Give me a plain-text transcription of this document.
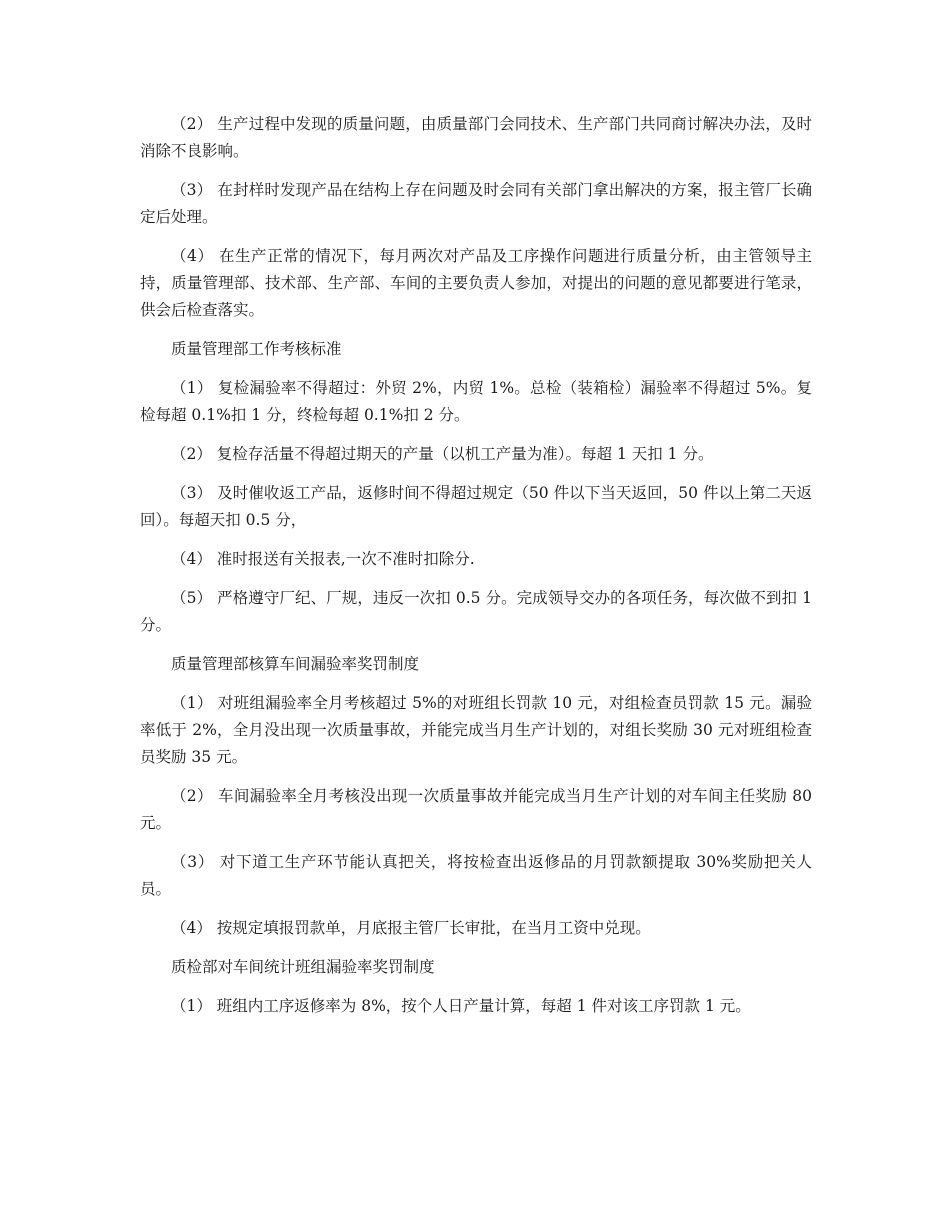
（2） 生产过程中发现的质量问题，由质量部门会同技术、生产部门共同商讨解决办法，及时消除不良影响。

（3） 在封样时发现产品在结构上存在问题及时会同有关部门拿出解决的方案，报主管厂长确定后处理。

（4） 在生产正常的情况下，每月两次对产品及工序操作问题进行质量分析，由主管领导主持，质量管理部、技术部、生产部、车间的主要负责人参加，对提出的问题的意见都要进行笔录，供会后检查落实。

质量管理部工作考核标准

（1） 复检漏验率不得超过：外贸 2%，内贸 1%。总检（装箱检）漏验率不得超过 5%。复检每超 0.1%扣 1 分，终检每超 0.1%扣 2 分。

（2） 复检存活量不得超过期天的产量（以机工产量为准）。每超 1 天扣 1 分。

（3） 及时催收返工产品，返修时间不得超过规定（50 件以下当天返回，50 件以上第二天返回）。每超天扣 0.5 分，

（4） 准时报送有关报表,一次不准时扣除分.

（5） 严格遵守厂纪、厂规，违反一次扣 0.5 分。完成领导交办的各项任务，每次做不到扣 1 分。

质量管理部核算车间漏验率奖罚制度

（1） 对班组漏验率全月考核超过 5%的对班组长罚款 10 元，对组检查员罚款 15 元。漏验率低于 2%，全月没出现一次质量事故，并能完成当月生产计划的，对组长奖励 30 元对班组检查员奖励 35 元。

（2） 车间漏验率全月考核没出现一次质量事故并能完成当月生产计划的对车间主任奖励 80 元。

（3） 对下道工生产环节能认真把关，将按检查出返修品的月罚款额提取 30%奖励把关人员。

（4） 按规定填报罚款单，月底报主管厂长审批，在当月工资中兑现。

质检部对车间统计班组漏验率奖罚制度

（1） 班组内工序返修率为 8%，按个人日产量计算，每超 1 件对该工序罚款 1 元。
